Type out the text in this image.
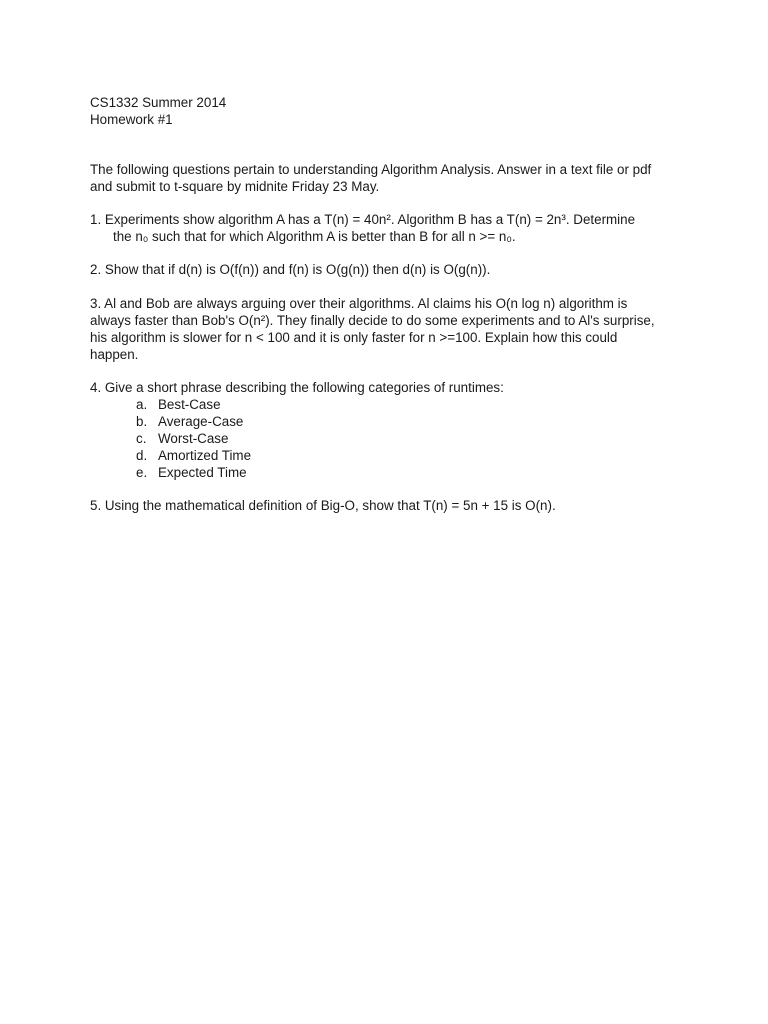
CS1332 Summer 2014
Homework #1
The following questions pertain to understanding Algorithm Analysis. Answer in a text file or pdf
and submit to t-square by midnite Friday 23 May.
1. Experiments show algorithm A has a T(n) = 40n². Algorithm B has a T(n) = 2n³. Determine
the n₀ such that for which Algorithm A is better than B for all n >= n₀.
2. Show that if d(n) is O(f(n)) and f(n) is O(g(n)) then d(n) is O(g(n)).
3. Al and Bob are always arguing over their algorithms. Al claims his O(n log n) algorithm is
always faster than Bob's O(n²). They finally decide to do some experiments and to Al's surprise,
his algorithm is slower for n < 100 and it is only faster for n >=100. Explain how this could
happen.
4. Give a short phrase describing the following categories of runtimes:
a. Best-Case
b. Average-Case
c. Worst-Case
d. Amortized Time
e. Expected Time
5. Using the mathematical definition of Big-O, show that T(n) = 5n + 15 is O(n).
